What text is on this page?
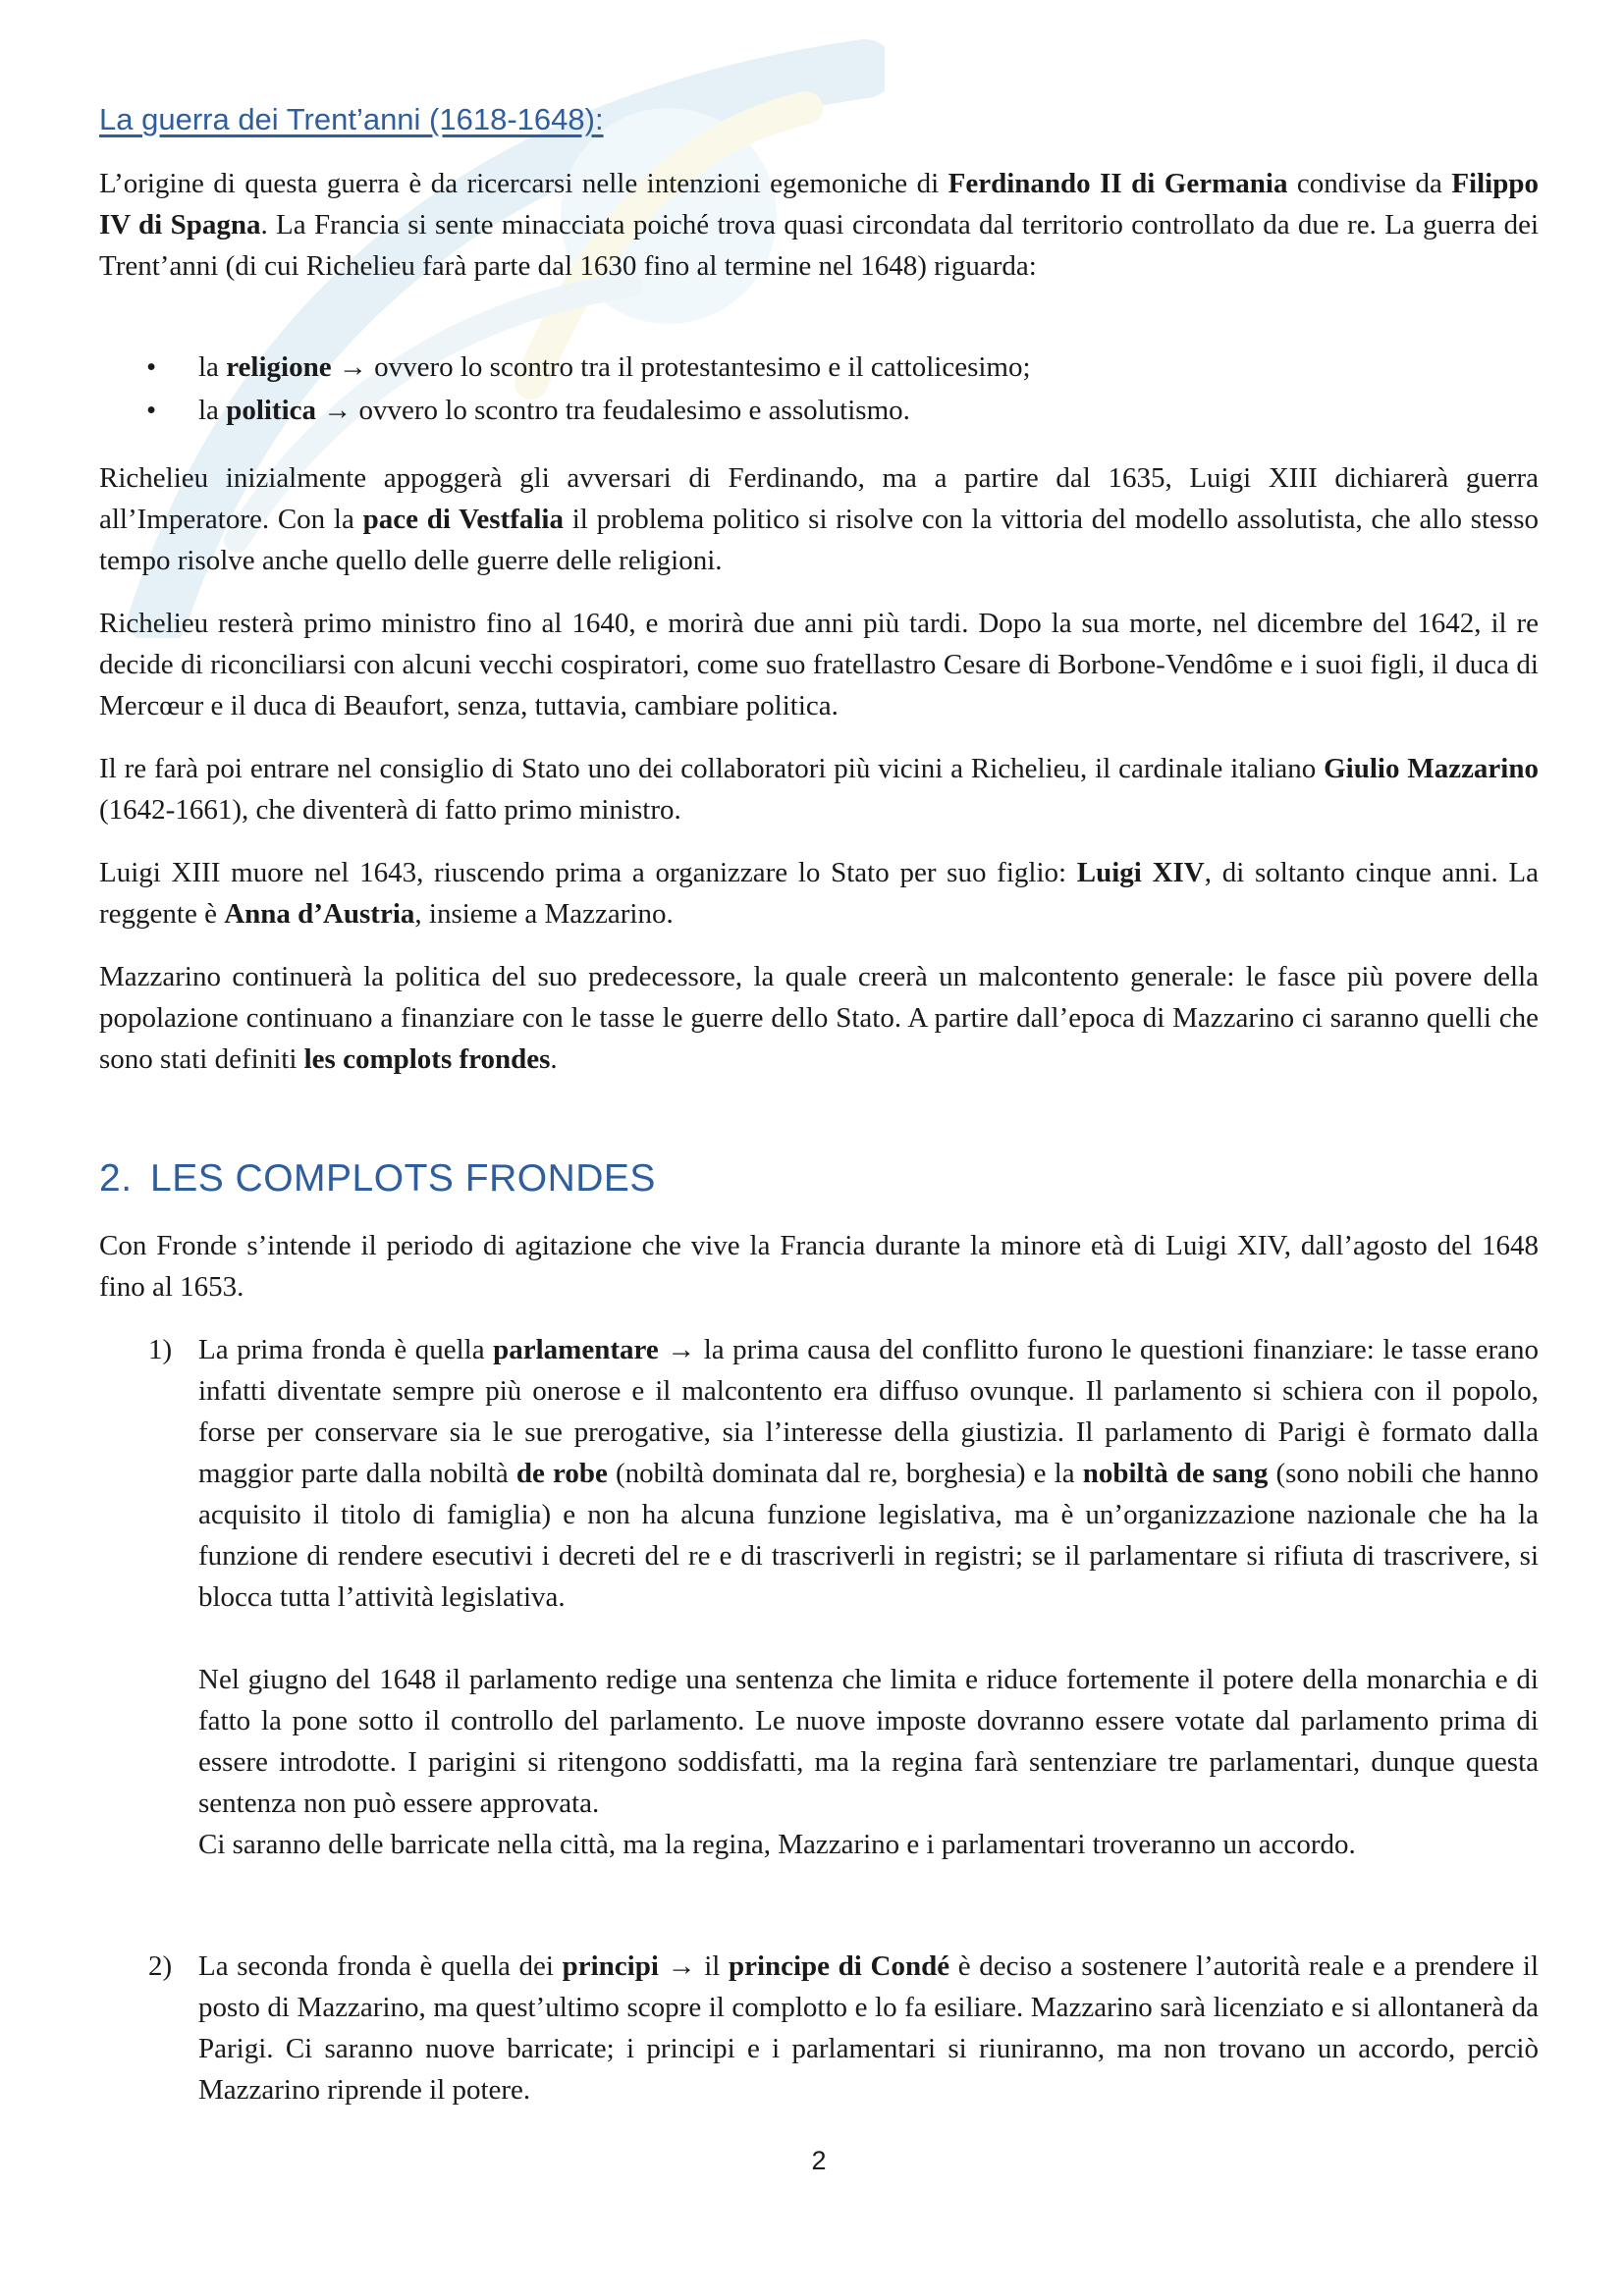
La guerra dei Trent’anni (1618-1648):

L’origine di questa guerra è da ricercarsi nelle intenzioni egemoniche di Ferdinando II di Germania condivise da Filippo IV di Spagna. La Francia si sente minacciata poiché trova quasi circondata dal territorio controllato da due re. La guerra dei Trent’anni (di cui Richelieu farà parte dal 1630 fino al termine nel 1648) riguarda:

• la religione → ovvero lo scontro tra il protestantesimo e il cattolicesimo;
• la politica → ovvero lo scontro tra feudalesimo e assolutismo.

Richelieu inizialmente appoggerà gli avversari di Ferdinando, ma a partire dal 1635, Luigi XIII dichiarerà guerra all’Imperatore. Con la pace di Vestfalia il problema politico si risolve con la vittoria del modello assolutista, che allo stesso tempo risolve anche quello delle guerre delle religioni.

Richelieu resterà primo ministro fino al 1640, e morirà due anni più tardi. Dopo la sua morte, nel dicembre del 1642, il re decide di riconciliarsi con alcuni vecchi cospiratori, come suo fratellastro Cesare di Borbone-Vendôme e i suoi figli, il duca di Mercœur e il duca di Beaufort, senza, tuttavia, cambiare politica.

Il re farà poi entrare nel consiglio di Stato uno dei collaboratori più vicini a Richelieu, il cardinale italiano Giulio Mazzarino (1642-1661), che diventerà di fatto primo ministro.

Luigi XIII muore nel 1643, riuscendo prima a organizzare lo Stato per suo figlio: Luigi XIV, di soltanto cinque anni. La reggente è Anna d’Austria, insieme a Mazzarino.

Mazzarino continuerà la politica del suo predecessore, la quale creerà un malcontento generale: le fasce più povere della popolazione continuano a finanziare con le tasse le guerre dello Stato. A partire dall’epoca di Mazzarino ci saranno quelli che sono stati definiti les complots frondes.

2. LES COMPLOTS FRONDES

Con Fronde s’intende il periodo di agitazione che vive la Francia durante la minore età di Luigi XIV, dall’agosto del 1648 fino al 1653.

1) La prima fronda è quella parlamentare → la prima causa del conflitto furono le questioni finanziare: le tasse erano infatti diventate sempre più onerose e il malcontento era diffuso ovunque. Il parlamento si schiera con il popolo, forse per conservare sia le sue prerogative, sia l’interesse della giustizia. Il parlamento di Parigi è formato dalla maggior parte dalla nobiltà de robe (nobiltà dominata dal re, borghesia) e la nobiltà de sang (sono nobili che hanno acquisito il titolo di famiglia) e non ha alcuna funzione legislativa, ma è un’organizzazione nazionale che ha la funzione di rendere esecutivi i decreti del re e di trascriverli in registri; se il parlamentare si rifiuta di trascrivere, si blocca tutta l’attività legislativa.

Nel giugno del 1648 il parlamento redige una sentenza che limita e riduce fortemente il potere della monarchia e di fatto la pone sotto il controllo del parlamento. Le nuove imposte dovranno essere votate dal parlamento prima di essere introdotte. I parigini si ritengono soddisfatti, ma la regina farà sentenziare tre parlamentari, dunque questa sentenza non può essere approvata.

Ci saranno delle barricate nella città, ma la regina, Mazzarino e i parlamentari troveranno un accordo.

2) La seconda fronda è quella dei principi → il principe di Condé è deciso a sostenere l’autorità reale e a prendere il posto di Mazzarino, ma quest’ultimo scopre il complotto e lo fa esiliare. Mazzarino sarà licenziato e si allontanerà da Parigi. Ci saranno nuove barricate; i principi e i parlamentari si riuniranno, ma non trovano un accordo, perciò Mazzarino riprende il potere.

2
